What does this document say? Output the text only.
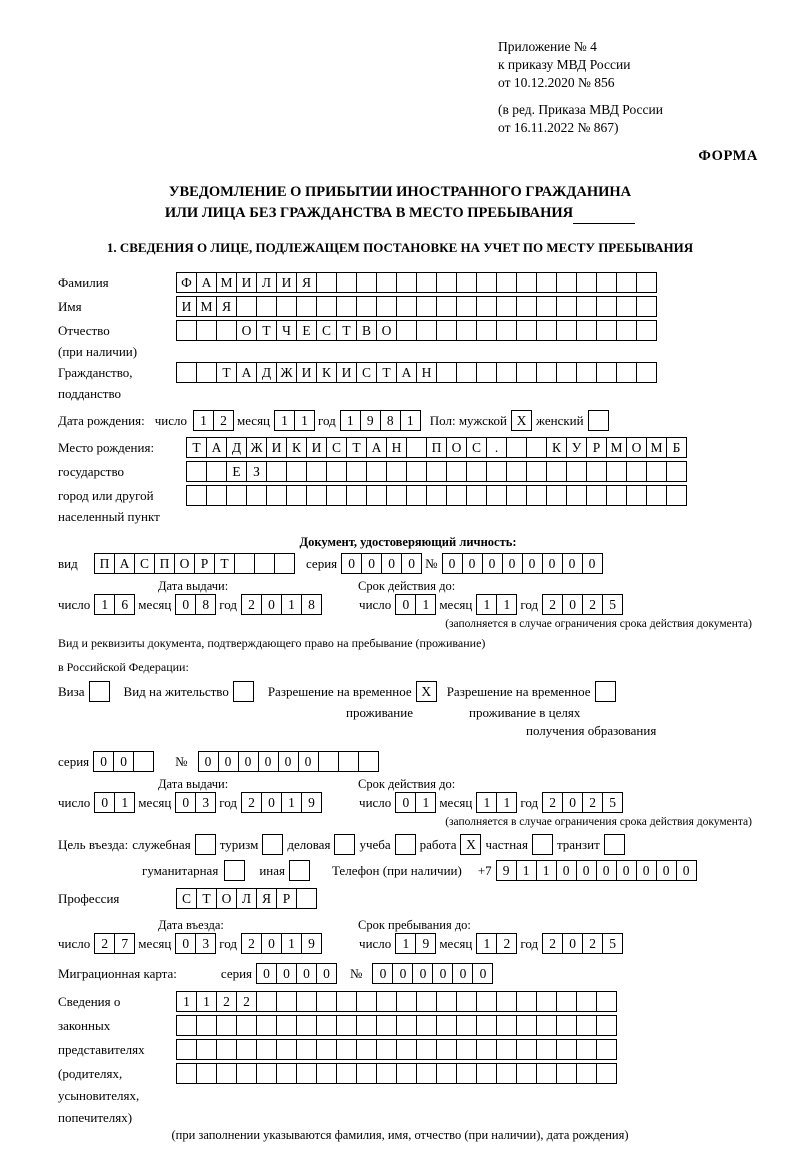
Приложение № 4
к приказу МВД России
от 10.12.2020 № 856
(в ред. Приказа МВД России
от 16.11.2022 № 867)
ФОРМА
УВЕДОМЛЕНИЕ О ПРИБЫТИИ ИНОСТРАННОГО ГРАЖДАНИНА
ИЛИ ЛИЦА БЕЗ ГРАЖДАНСТВА В МЕСТО ПРЕБЫВАНИЯ
1. СВЕДЕНИЯ О ЛИЦЕ, ПОДЛЕЖАЩЕМ ПОСТАНОВКЕ НА УЧЕТ ПО МЕСТУ ПРЕБЫВАНИЯ
Фамилия	Ф А М И Л И Я
Имя	И М Я
Отчество	О Т Ч Е С Т В О
(при наличии)
Гражданство,	Т А Д Ж И К И С Т А Н
подданство
Дата рождения: число 1 2 месяц 1 1 год 1 9 8 1	Пол: мужской X женский
Место рождения:	Т А Д Ж И К И С Т А Н	П О С	.	К У Р М О М Б
государство	Е З
город или другой
населенный пункт
Документ, удостоверяющий личность:
вид	П А С П О Р Т	серия 0 0 0 0 № 0 0 0 0 0 0 0 0
Дата выдачи:	Срок действия до:
число 1 6 месяц 0 8 год 2 0 1 8	число 0 1 месяц 1 1 год 2 0 2 5
(заполняется в случае ограничения срока действия документа)
Вид и реквизиты документа, подтверждающего право на пребывание (проживание)
в Российской Федерации:
Виза	Вид на жительство	Разрешение на временное X	Разрешение на временное
проживание	проживание в целях
получения образования
серия 0 0	№	0 0 0 0 0 0
Дата выдачи:	Срок действия до:
число 0 1 месяц 0 3 год 2 0 1 9	число 0 1 месяц 1 1 год 2 0 2 5
(заполняется в случае ограничения срока действия документа)
Цель въезда: служебная	туризм	деловая	учеба	работа X частная	транзит
гуманитарная	иная	Телефон (при наличии)	+7 9 1 1 0 0 0 0 0 0 0
Профессия	С Т О Л Я Р
Дата въезда:	Срок пребывания до:
число 2 7 месяц 0 3 год 2 0 1 9	число 1 9 месяц 1 2 год 2 0 2 5
Миграционная карта:	серия 0 0 0 0	№	0 0 0 0 0 0
Сведения о	1 1 2 2
законных
представителях
(родителях,
усыновителях,
попечителях)
(при заполнении указываются фамилия, имя, отчество (при наличии), дата рождения)
